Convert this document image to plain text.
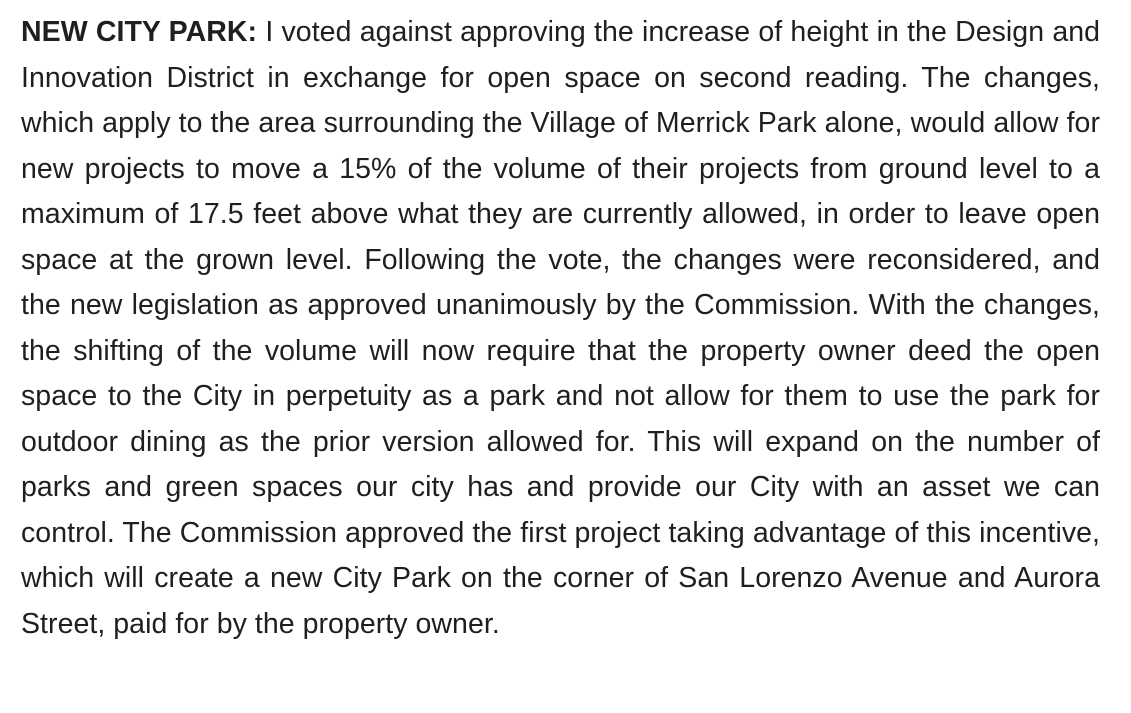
NEW CITY PARK: I voted against approving the increase of height in the Design and Innovation District in exchange for open space on second reading. The changes, which apply to the area surrounding the Village of Merrick Park alone, would allow for new projects to move a 15% of the volume of their projects from ground level to a maximum of 17.5 feet above what they are currently allowed, in order to leave open space at the grown level. Following the vote, the changes were reconsidered, and the new legislation as approved unanimously by the Commission. With the changes, the shifting of the volume will now require that the property owner deed the open space to the City in perpetuity as a park and not allow for them to use the park for outdoor dining as the prior version allowed for. This will expand on the number of parks and green spaces our city has and provide our City with an asset we can control. The Commission approved the first project taking advantage of this incentive, which will create a new City Park on the corner of San Lorenzo Avenue and Aurora Street, paid for by the property owner.
